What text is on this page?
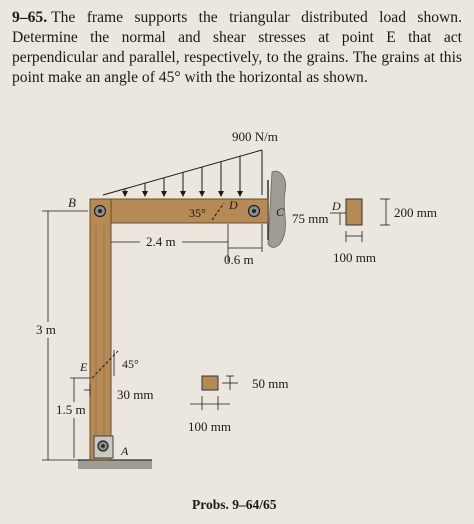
9–65. The frame supports the triangular distributed load shown. Determine the normal and shear stresses at point E that act perpendicular and parallel, respectively, to the grains. The grains at this point make an angle of 45° with the horizontal as shown.

900 N/m
35°
D
B
C
2.4 m
0.6 m
3 m
1.5 m
E	45°
30 mm
A
D
75 mm	200 mm
100 mm
50 mm
100 mm
Probs. 9–64/65
